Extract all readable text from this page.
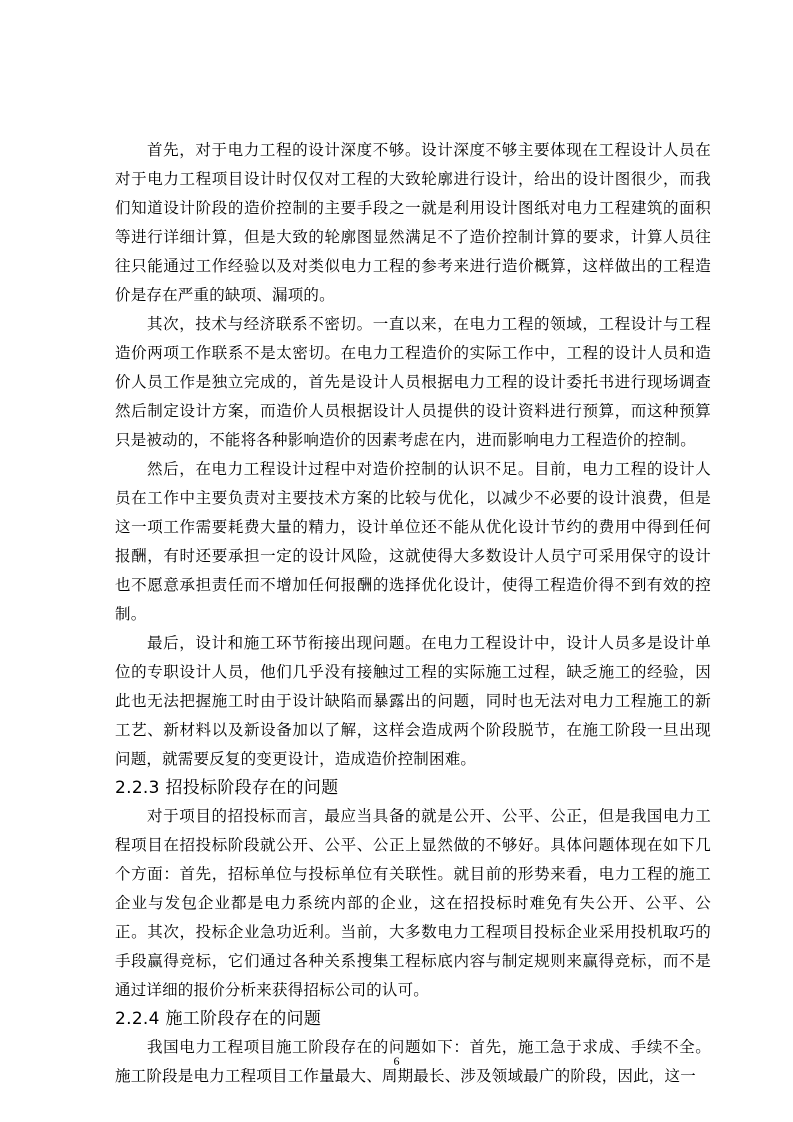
首先，对于电力工程的设计深度不够。设计深度不够主要体现在工程设计人员在对于电力工程项目设计时仅仅对工程的大致轮廓进行设计，给出的设计图很少，而我们知道设计阶段的造价控制的主要手段之一就是利用设计图纸对电力工程建筑的面积等进行详细计算，但是大致的轮廓图显然满足不了造价控制计算的要求，计算人员往往只能通过工作经验以及对类似电力工程的参考来进行造价概算，这样做出的工程造价是存在严重的缺项、漏项的。

其次，技术与经济联系不密切。一直以来，在电力工程的领域，工程设计与工程造价两项工作联系不是太密切。在电力工程造价的实际工作中，工程的设计人员和造价人员工作是独立完成的，首先是设计人员根据电力工程的设计委托书进行现场调查然后制定设计方案，而造价人员根据设计人员提供的设计资料进行预算，而这种预算只是被动的，不能将各种影响造价的因素考虑在内，进而影响电力工程造价的控制。

然后，在电力工程设计过程中对造价控制的认识不足。目前，电力工程的设计人员在工作中主要负责对主要技术方案的比较与优化，以减少不必要的设计浪费，但是这一项工作需要耗费大量的精力，设计单位还不能从优化设计节约的费用中得到任何报酬，有时还要承担一定的设计风险，这就使得大多数设计人员宁可采用保守的设计也不愿意承担责任而不增加任何报酬的选择优化设计，使得工程造价得不到有效的控制。

最后，设计和施工环节衔接出现问题。在电力工程设计中，设计人员多是设计单位的专职设计人员，他们几乎没有接触过工程的实际施工过程，缺乏施工的经验，因此也无法把握施工时由于设计缺陷而暴露出的问题，同时也无法对电力工程施工的新工艺、新材料以及新设备加以了解，这样会造成两个阶段脱节，在施工阶段一旦出现问题，就需要反复的变更设计，造成造价控制困难。

2.2.3 招投标阶段存在的问题

对于项目的招投标而言，最应当具备的就是公开、公平、公正，但是我国电力工程项目在招投标阶段就公开、公平、公正上显然做的不够好。具体问题体现在如下几个方面：首先，招标单位与投标单位有关联性。就目前的形势来看，电力工程的施工企业与发包企业都是电力系统内部的企业，这在招投标时难免有失公开、公平、公正。其次，投标企业急功近利。当前，大多数电力工程项目投标企业采用投机取巧的手段赢得竞标，它们通过各种关系搜集工程标底内容与制定规则来赢得竞标，而不是通过详细的报价分析来获得招标公司的认可。

2.2.4 施工阶段存在的问题

我国电力工程项目施工阶段存在的问题如下：首先，施工急于求成、手续不全。施工阶段是电力工程项目工作量最大、周期最长、涉及领域最广的阶段，因此，这一

6
